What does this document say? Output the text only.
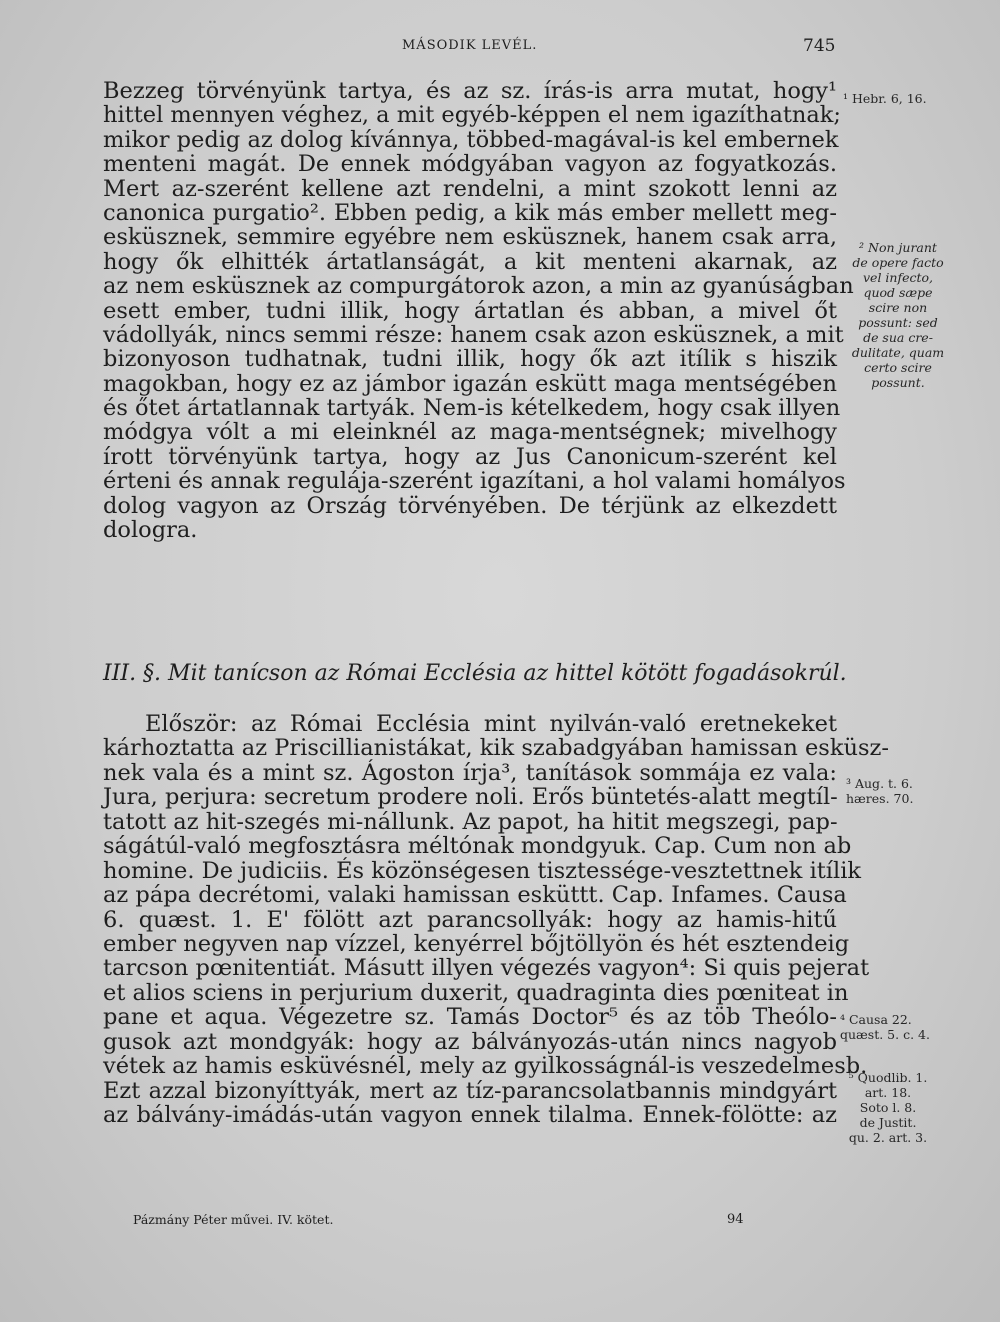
MÁSODIK LEVÉL.	745
Bezzeg törvényünk tartya, és az sz. írás-is arra mutat, hogy¹
hittel mennyen véghez, a mit egyéb-képpen el nem igazíthatnak;
mikor pedig az dolog kívánnya, többed-magával-is kel embernek
menteni magát. De ennek módgyában vagyon az fogyatkozás.
Mert az-szerént kellene azt rendelni, a mint szokott lenni az
canonica purgatio². Ebben pedig, a kik más ember mellett meg-
esküsznek, semmire egyébre nem esküsznek, hanem csak arra,
hogy ők elhitték ártatlanságát, a kit menteni akarnak, az
az nem esküsznek az compurgátorok azon, a min az gyanúságban
esett ember, tudni illik, hogy ártatlan és abban, a mivel őt
vádollyák, nincs semmi része: hanem csak azon esküsznek, a mit
bizonyoson tudhatnak, tudni illik, hogy ők azt itílik s hiszik
magokban, hogy ez az jámbor igazán eskütt maga mentségében
és őtet ártatlannak tartyák. Nem-is kételkedem, hogy csak illyen
módgya vólt a mi eleinknél az maga-mentségnek; mivelhogy
írott törvényünk tartya, hogy az Jus Canonicum-szerént kel
érteni és annak regulája-szerént igazítani, a hol valami homályos
dolog vagyon az Ország törvényében. De térjünk az elkezdett
dologra.
III. §. Mit tanícson az Római Ecclésia az hittel kötött fogadásokrúl.
Először: az Római Ecclésia mint nyilván-való eretnekeket
kárhoztatta az Priscillianistákat, kik szabadgyában hamissan esküsz-
nek vala és a mint sz. Ágoston írja³, tanítások sommája ez vala:
Jura, perjura: secretum prodere noli. Erős büntetés-alatt megtíl-
tatott az hit-szegés mi-nállunk. Az papot, ha hitit megszegi, pap-
ságátúl-való megfosztásra méltónak mondgyuk. Cap. Cum non ab
homine. De judiciis. És közönségesen tisztessége-vesztettnek itílik
az pápa decrétomi, valaki hamissan esküttt. Cap. Infames. Causa
6. quæst. 1. E' fölött azt parancsollyák: hogy az hamis-hitű
ember negyven nap vízzel, kenyérrel bőjtöllyön és hét esztendeig
tarcson pœnitentiát. Másutt illyen végezés vagyon⁴: Si quis pejerat
et alios sciens in perjurium duxerit, quadraginta dies pœniteat in
pane et aqua. Végezetre sz. Tamás Doctor⁵ és az töb Theólo-
gusok azt mondgyák: hogy az bálványozás-után nincs nagyob
vétek az hamis esküvésnél, mely az gyilkosságnál-is veszedelmesb.
Ezt azzal bizonyíttyák, mert az tíz-parancsolatbannis mindgyárt
az bálvány-imádás-után vagyon ennek tilalma. Ennek-fölötte: az
¹ Hebr. 6, 16.
² Non jurant
de opere facto
vel infecto,
quod sæpe
scire non
possunt: sed
de sua cre-
dulitate, quam
certo scire
possunt.
³ Aug. t. 6.
hæres. 70.
⁴ Causa 22.
quæst. 5. c. 4.
⁵ Quodlib. 1.
art. 18.
Soto l. 8.
de Justit.
qu. 2. art. 3.
Pázmány Péter művei. IV. kötet.	94
